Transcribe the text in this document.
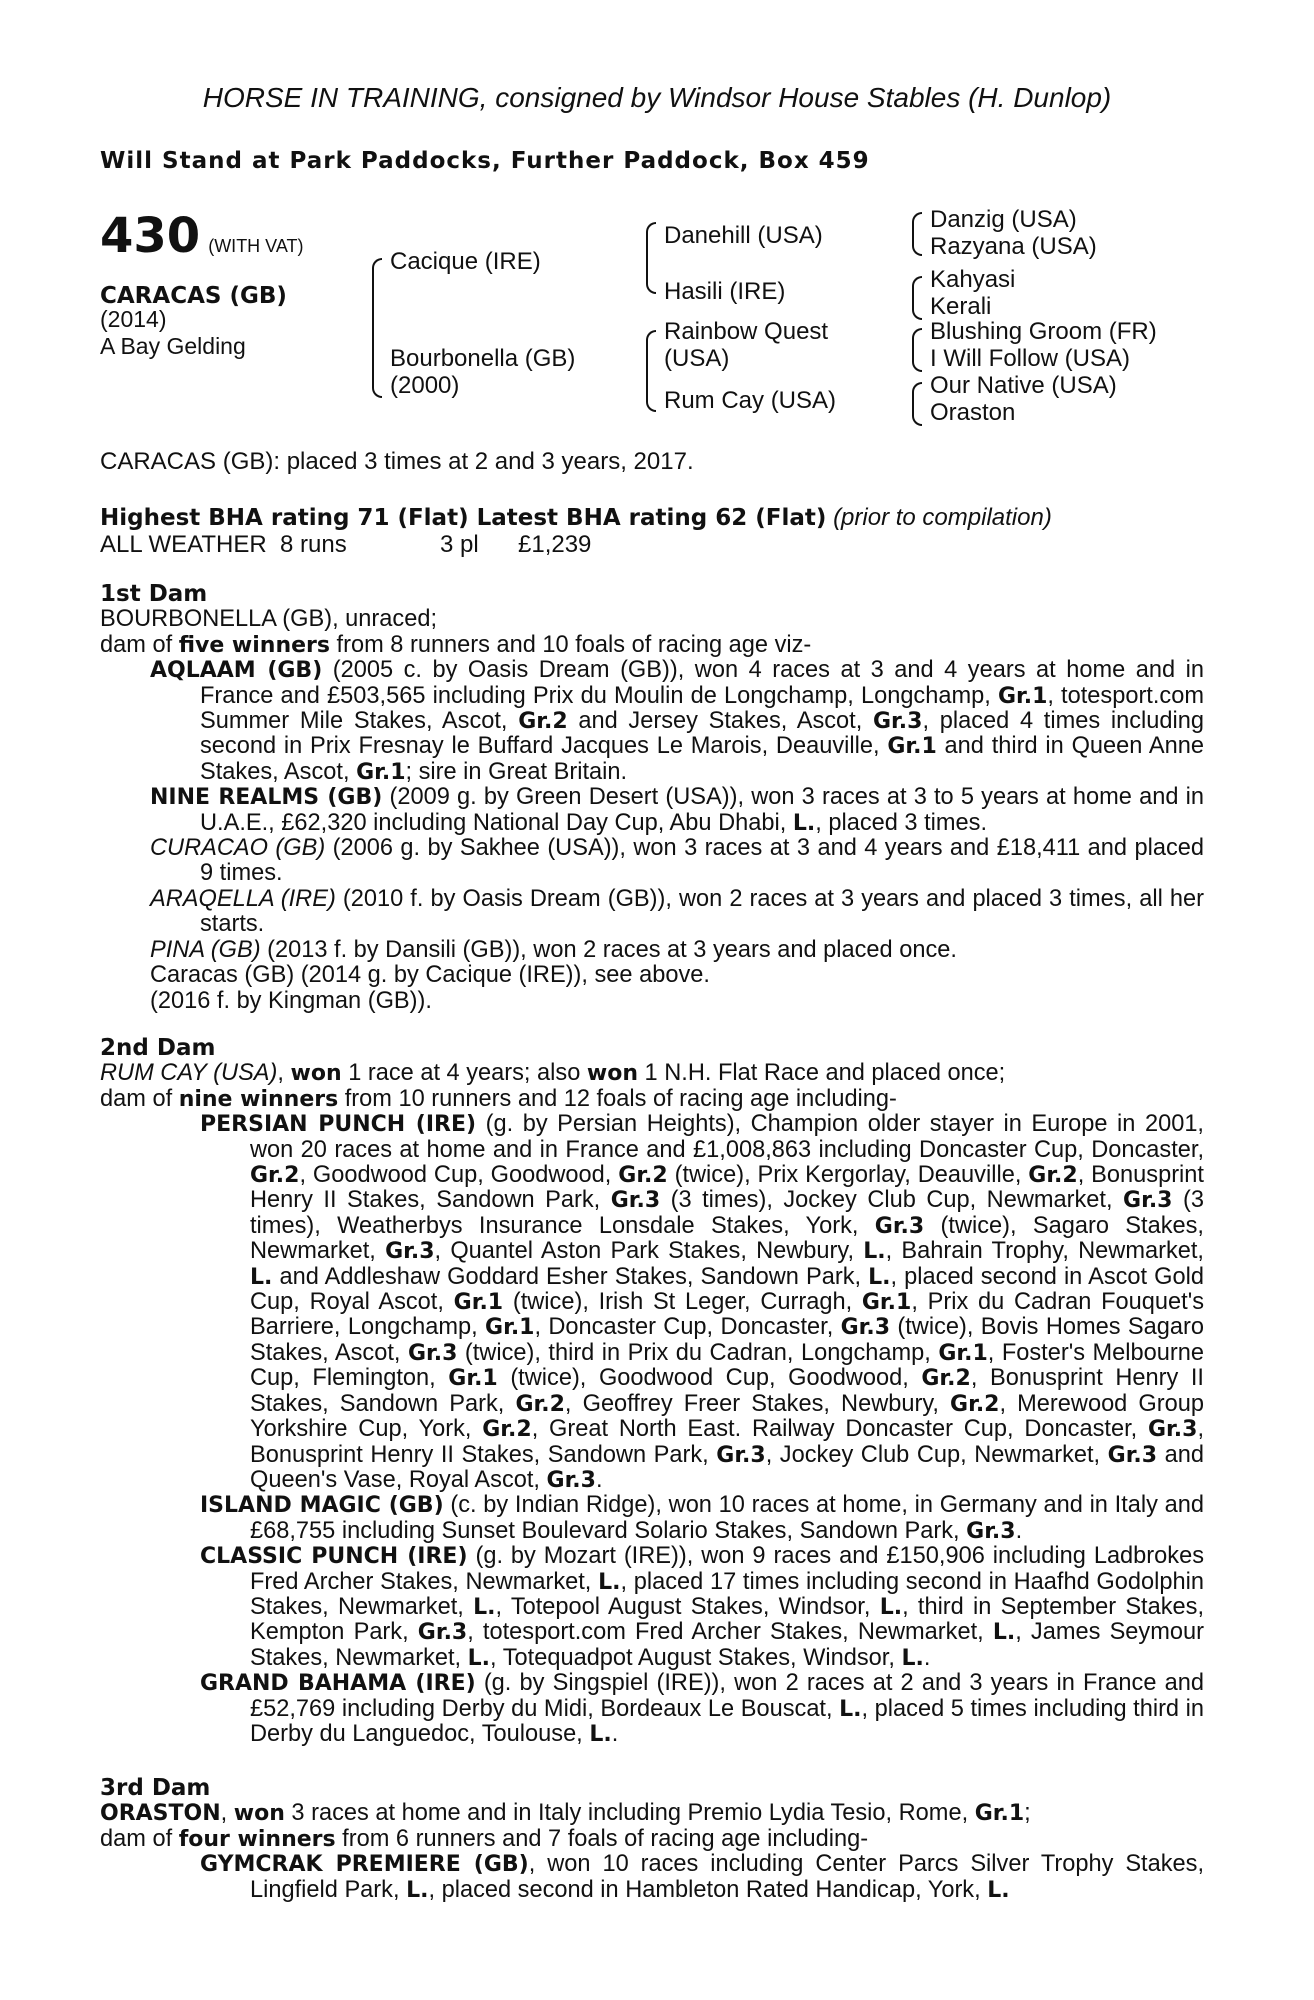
HORSE IN TRAINING, consigned by Windsor House Stables (H. Dunlop)
Will Stand at Park Paddocks, Further Paddock, Box 459
430 (WITH VAT)
CARACAS (GB)
(2014)
A Bay Gelding
Cacique (IRE)
Bourbonella (GB)
(2000)
Danehill (USA)
Hasili (IRE)
Rainbow Quest
(USA)
Rum Cay (USA)
Danzig (USA)
Razyana (USA)
Kahyasi
Kerali
Blushing Groom (FR)
I Will Follow (USA)
Our Native (USA)
Oraston
CARACAS (GB): placed 3 times at 2 and 3 years, 2017.
Highest BHA rating 71 (Flat) Latest BHA rating 62 (Flat) (prior to compilation)
ALL WEATHER 8 runs	3 pl £1,239
1st Dam
BOURBONELLA (GB), unraced;
dam of five winners from 8 runners and 10 foals of racing age viz-
AQLAAM (GB) (2005 c. by Oasis Dream (GB)), won 4 races at 3 and 4 years at home and in France and £503,565 including Prix du Moulin de Longchamp, Longchamp, Gr.1, totesport.com Summer Mile Stakes, Ascot, Gr.2 and Jersey Stakes, Ascot, Gr.3, placed 4 times including second in Prix Fresnay le Buffard Jacques Le Marois, Deauville, Gr.1 and third in Queen Anne Stakes, Ascot, Gr.1; sire in Great Britain.
NINE REALMS (GB) (2009 g. by Green Desert (USA)), won 3 races at 3 to 5 years at home and in U.A.E., £62,320 including National Day Cup, Abu Dhabi, L., placed 3 times.
CURACAO (GB) (2006 g. by Sakhee (USA)), won 3 races at 3 and 4 years and £18,411 and placed 9 times.
ARAQELLA (IRE) (2010 f. by Oasis Dream (GB)), won 2 races at 3 years and placed 3 times, all her starts.
PINA (GB) (2013 f. by Dansili (GB)), won 2 races at 3 years and placed once.
Caracas (GB) (2014 g. by Cacique (IRE)), see above.
(2016 f. by Kingman (GB)).
2nd Dam
RUM CAY (USA), won 1 race at 4 years; also won 1 N.H. Flat Race and placed once;
dam of nine winners from 10 runners and 12 foals of racing age including-
PERSIAN PUNCH (IRE) (g. by Persian Heights), Champion older stayer in Europe in 2001, won 20 races at home and in France and £1,008,863 including Doncaster Cup, Doncaster, Gr.2, Goodwood Cup, Goodwood, Gr.2 (twice), Prix Kergorlay, Deauville, Gr.2, Bonusprint Henry II Stakes, Sandown Park, Gr.3 (3 times), Jockey Club Cup, Newmarket, Gr.3 (3 times), Weatherbys Insurance Lonsdale Stakes, York, Gr.3 (twice), Sagaro Stakes, Newmarket, Gr.3, Quantel Aston Park Stakes, Newbury, L., Bahrain Trophy, Newmarket, L. and Addleshaw Goddard Esher Stakes, Sandown Park, L., placed second in Ascot Gold Cup, Royal Ascot, Gr.1 (twice), Irish St Leger, Curragh, Gr.1, Prix du Cadran Fouquet's Barriere, Longchamp, Gr.1, Doncaster Cup, Doncaster, Gr.3 (twice), Bovis Homes Sagaro Stakes, Ascot, Gr.3 (twice), third in Prix du Cadran, Longchamp, Gr.1, Foster's Melbourne Cup, Flemington, Gr.1 (twice), Goodwood Cup, Goodwood, Gr.2, Bonusprint Henry II Stakes, Sandown Park, Gr.2, Geoffrey Freer Stakes, Newbury, Gr.2, Merewood Group Yorkshire Cup, York, Gr.2, Great North East. Railway Doncaster Cup, Doncaster, Gr.3, Bonusprint Henry II Stakes, Sandown Park, Gr.3, Jockey Club Cup, Newmarket, Gr.3 and Queen's Vase, Royal Ascot, Gr.3.
ISLAND MAGIC (GB) (c. by Indian Ridge), won 10 races at home, in Germany and in Italy and £68,755 including Sunset Boulevard Solario Stakes, Sandown Park, Gr.3.
CLASSIC PUNCH (IRE) (g. by Mozart (IRE)), won 9 races and £150,906 including Ladbrokes Fred Archer Stakes, Newmarket, L., placed 17 times including second in Haafhd Godolphin Stakes, Newmarket, L., Totepool August Stakes, Windsor, L., third in September Stakes, Kempton Park, Gr.3, totesport.com Fred Archer Stakes, Newmarket, L., James Seymour Stakes, Newmarket, L., Totequadpot August Stakes, Windsor, L..
GRAND BAHAMA (IRE) (g. by Singspiel (IRE)), won 2 races at 2 and 3 years in France and £52,769 including Derby du Midi, Bordeaux Le Bouscat, L., placed 5 times including third in Derby du Languedoc, Toulouse, L..
3rd Dam
ORASTON, won 3 races at home and in Italy including Premio Lydia Tesio, Rome, Gr.1;
dam of four winners from 6 runners and 7 foals of racing age including-
GYMCRAK PREMIERE (GB), won 10 races including Center Parcs Silver Trophy Stakes, Lingfield Park, L., placed second in Hambleton Rated Handicap, York, L.
